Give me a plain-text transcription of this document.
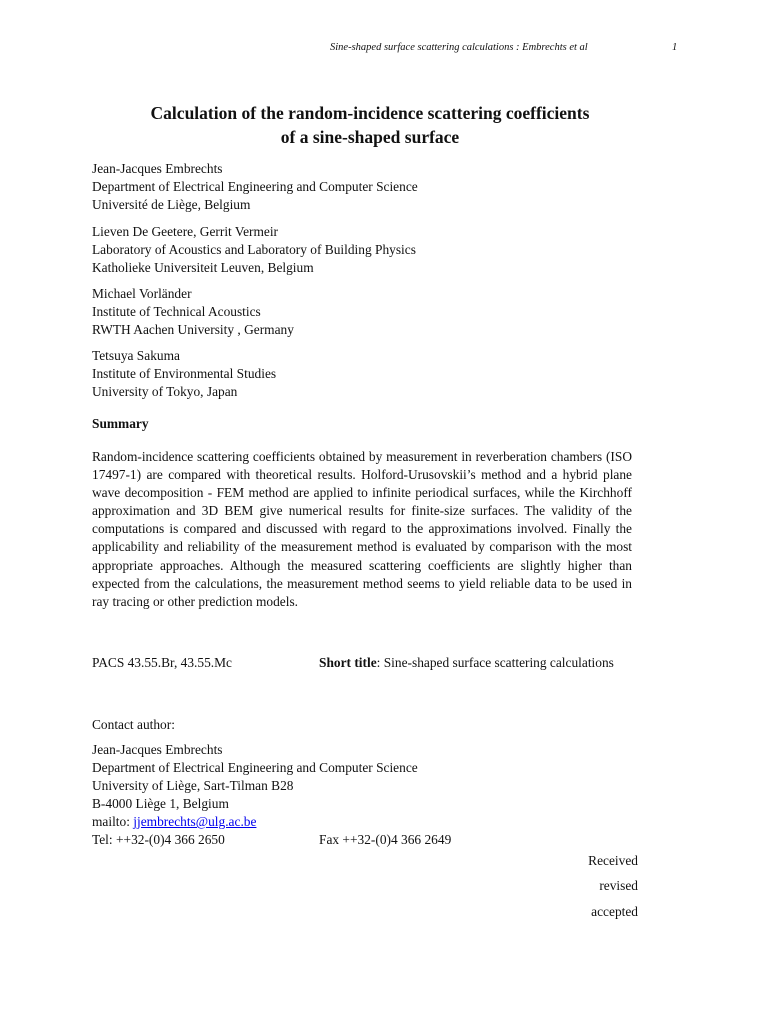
Sine-shaped surface scattering calculations : Embrechts et al	1
Calculation of the random-incidence scattering coefficients
of a sine-shaped surface
Jean-Jacques Embrechts
Department of Electrical Engineering and Computer Science
Université de Liège, Belgium
Lieven De Geetere, Gerrit Vermeir
Laboratory of Acoustics and Laboratory of Building Physics
Katholieke Universiteit Leuven, Belgium
Michael Vorländer
Institute of Technical Acoustics
RWTH Aachen University , Germany
Tetsuya Sakuma
Institute of Environmental Studies
University of Tokyo, Japan
Summary
Random-incidence scattering coefficients obtained by measurement in reverberation chambers (ISO 17497-1) are compared with theoretical results. Holford-Urusovskii’s method and a hybrid plane wave decomposition - FEM method are applied to infinite periodical surfaces, while the Kirchhoff approximation and 3D BEM give numerical results for finite-size surfaces. The validity of the computations is compared and discussed with regard to the approximations involved. Finally the applicability and reliability of the measurement method is evaluated by comparison with the most appropriate approaches. Although the measured scattering coefficients are slightly higher than expected from the calculations, the measurement method seems to yield reliable data to be used in ray tracing or other prediction models.
PACS 43.55.Br, 43.55.Mc	Short title: Sine-shaped surface scattering calculations
Contact author:
Jean-Jacques Embrechts
Department of Electrical Engineering and Computer Science
University of Liège, Sart-Tilman B28
B-4000 Liège 1, Belgium
mailto: jjembrechts@ulg.ac.be
Tel: ++32-(0)4 366 2650	Fax ++32-(0)4 366 2649
Received
revised
accepted
